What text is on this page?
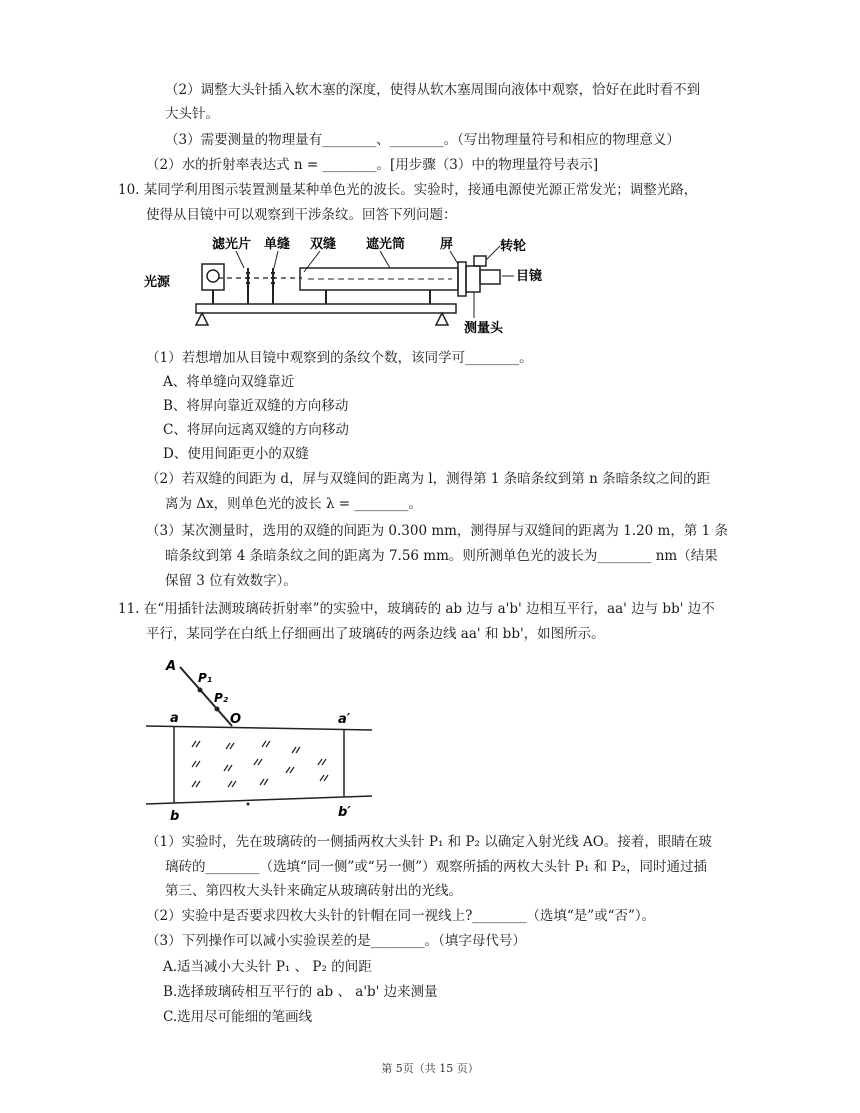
（2）调整大头针插入软木塞的深度，使得从软木塞周围向液体中观察，恰好在此时看不到
大头针。
（3）需要测量的物理量有________、________。（写出物理量符号和相应的物理意义）
（2）水的折射率表达式 n = ________。[用步骤（3）中的物理量符号表示]
10. 某同学利用图示装置测量某种单色光的波长。实验时，接通电源使光源正常发光；调整光路，
使得从目镜中可以观察到干涉条纹。回答下列问题：
滤光片 单缝 双缝 遮光筒	屏	转轮
光源	目镜
测量头
（1）若想增加从目镜中观察到的条纹个数，该同学可________。
A、将单缝向双缝靠近
B、将屏向靠近双缝的方向移动
C、将屏向远离双缝的方向移动
D、使用间距更小的双缝
（2）若双缝的间距为 d，屏与双缝间的距离为 l，测得第 1 条暗条纹到第 n 条暗条纹之间的距
离为 Δx，则单色光的波长 λ = ________。
（3）某次测量时，选用的双缝的间距为 0.300 mm，测得屏与双缝间的距离为 1.20 m，第 1 条
暗条纹到第 4 条暗条纹之间的距离为 7.56 mm。则所测单色光的波长为________ nm（结果
保留 3 位有效数字）。
11. 在“用插针法测玻璃砖折射率”的实验中，玻璃砖的 ab 边与 a'b' 边相互平行，aa' 边与 bb' 边不
平行，某同学在白纸上仔细画出了玻璃砖的两条边线 aa' 和 bb'，如图所示。
A
P₁
P₂
O
a	a′
b	b′
（1）实验时，先在玻璃砖的一侧插两枚大头针 P₁ 和 P₂ 以确定入射光线 AO。接着，眼睛在玻
璃砖的________（选填“同一侧”或“另一侧”）观察所插的两枚大头针 P₁ 和 P₂，同时通过插
第三、第四枚大头针来确定从玻璃砖射出的光线。
（2）实验中是否要求四枚大头针的针帽在同一视线上?________（选填“是”或“否”）。
（3）下列操作可以减小实验误差的是________。（填字母代号）
A.适当减小大头针 P₁ 、 P₂ 的间距
B.选择玻璃砖相互平行的 ab 、 a'b' 边来测量
C.选用尽可能细的笔画线
第 5页（共 15 页）
